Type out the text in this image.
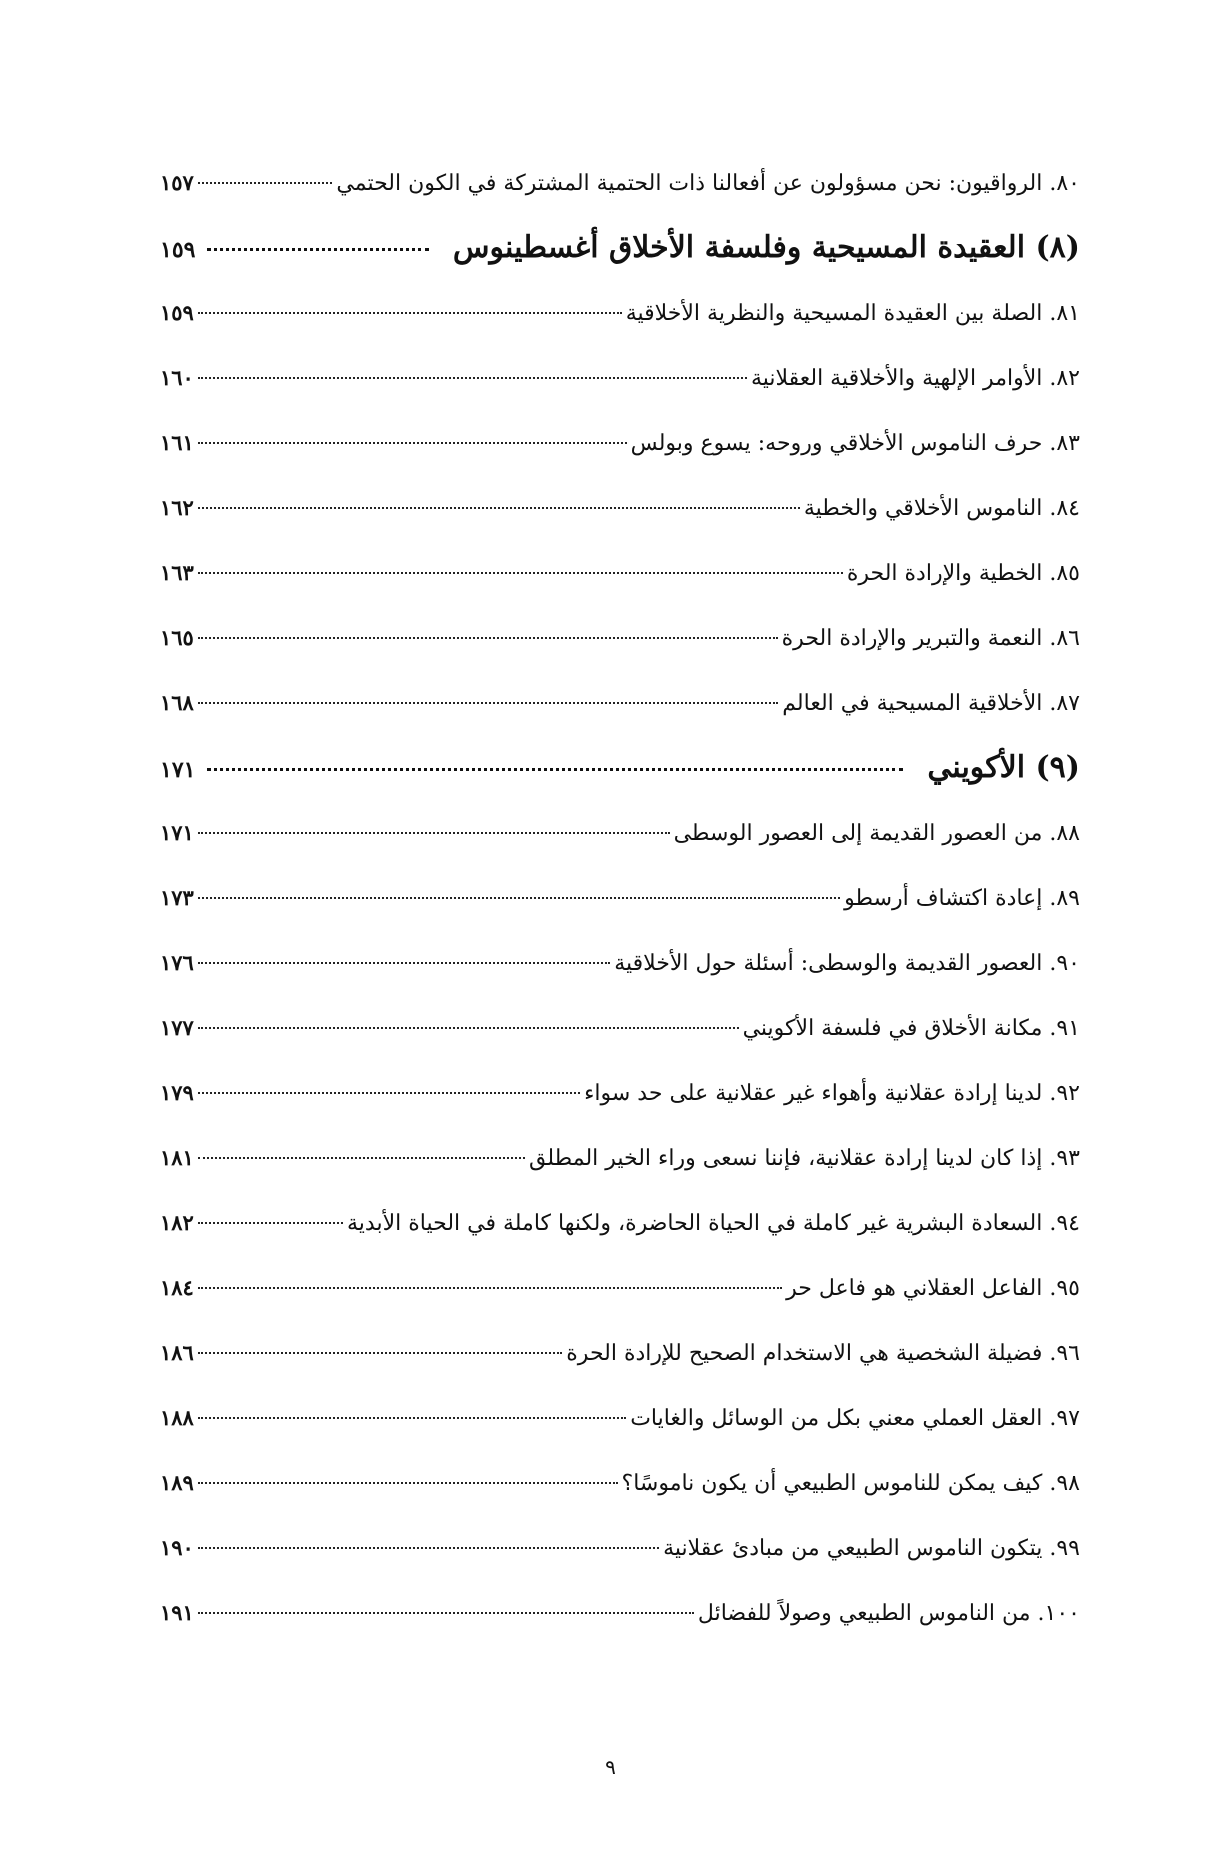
٨٠. الرواقيون: نحن مسؤولون عن أفعالنا ذات الحتمية المشتركة في الكون الحتمي
١٥٧
(٨) العقيدة المسيحية وفلسفة الأخلاق أغسطينوس
١٥٩
٨١. الصلة بين العقيدة المسيحية والنظرية الأخلاقية
١٥٩
٨٢. الأوامر الإلهية والأخلاقية العقلانية
١٦٠
٨٣. حرف الناموس الأخلاقي وروحه: يسوع وبولس
١٦١
٨٤. الناموس الأخلاقي والخطية
١٦٢
٨٥. الخطية والإرادة الحرة
١٦٣
٨٦. النعمة والتبرير والإرادة الحرة
١٦٥
٨٧. الأخلاقية المسيحية في العالم
١٦٨
(٩) الأكويني
١٧١
٨٨. من العصور القديمة إلى العصور الوسطى
١٧١
٨٩. إعادة اكتشاف أرسطو
١٧٣
٩٠. العصور القديمة والوسطى: أسئلة حول الأخلاقية
١٧٦
٩١. مكانة الأخلاق في فلسفة الأكويني
١٧٧
٩٢. لدينا إرادة عقلانية وأهواء غير عقلانية على حد سواء
١٧٩
٩٣. إذا كان لدينا إرادة عقلانية، فإننا نسعى وراء الخير المطلق
١٨١
٩٤. السعادة البشرية غير كاملة في الحياة الحاضرة، ولكنها كاملة في الحياة الأبدية
١٨٢
٩٥. الفاعل العقلاني هو فاعل حر
١٨٤
٩٦. فضيلة الشخصية هي الاستخدام الصحيح للإرادة الحرة
١٨٦
٩٧. العقل العملي معني بكل من الوسائل والغايات
١٨٨
٩٨. كيف يمكن للناموس الطبيعي أن يكون ناموسًا؟
١٨٩
٩٩. يتكون الناموس الطبيعي من مبادئ عقلانية
١٩٠
١٠٠. من الناموس الطبيعي وصولاً للفضائل
١٩١
٩
